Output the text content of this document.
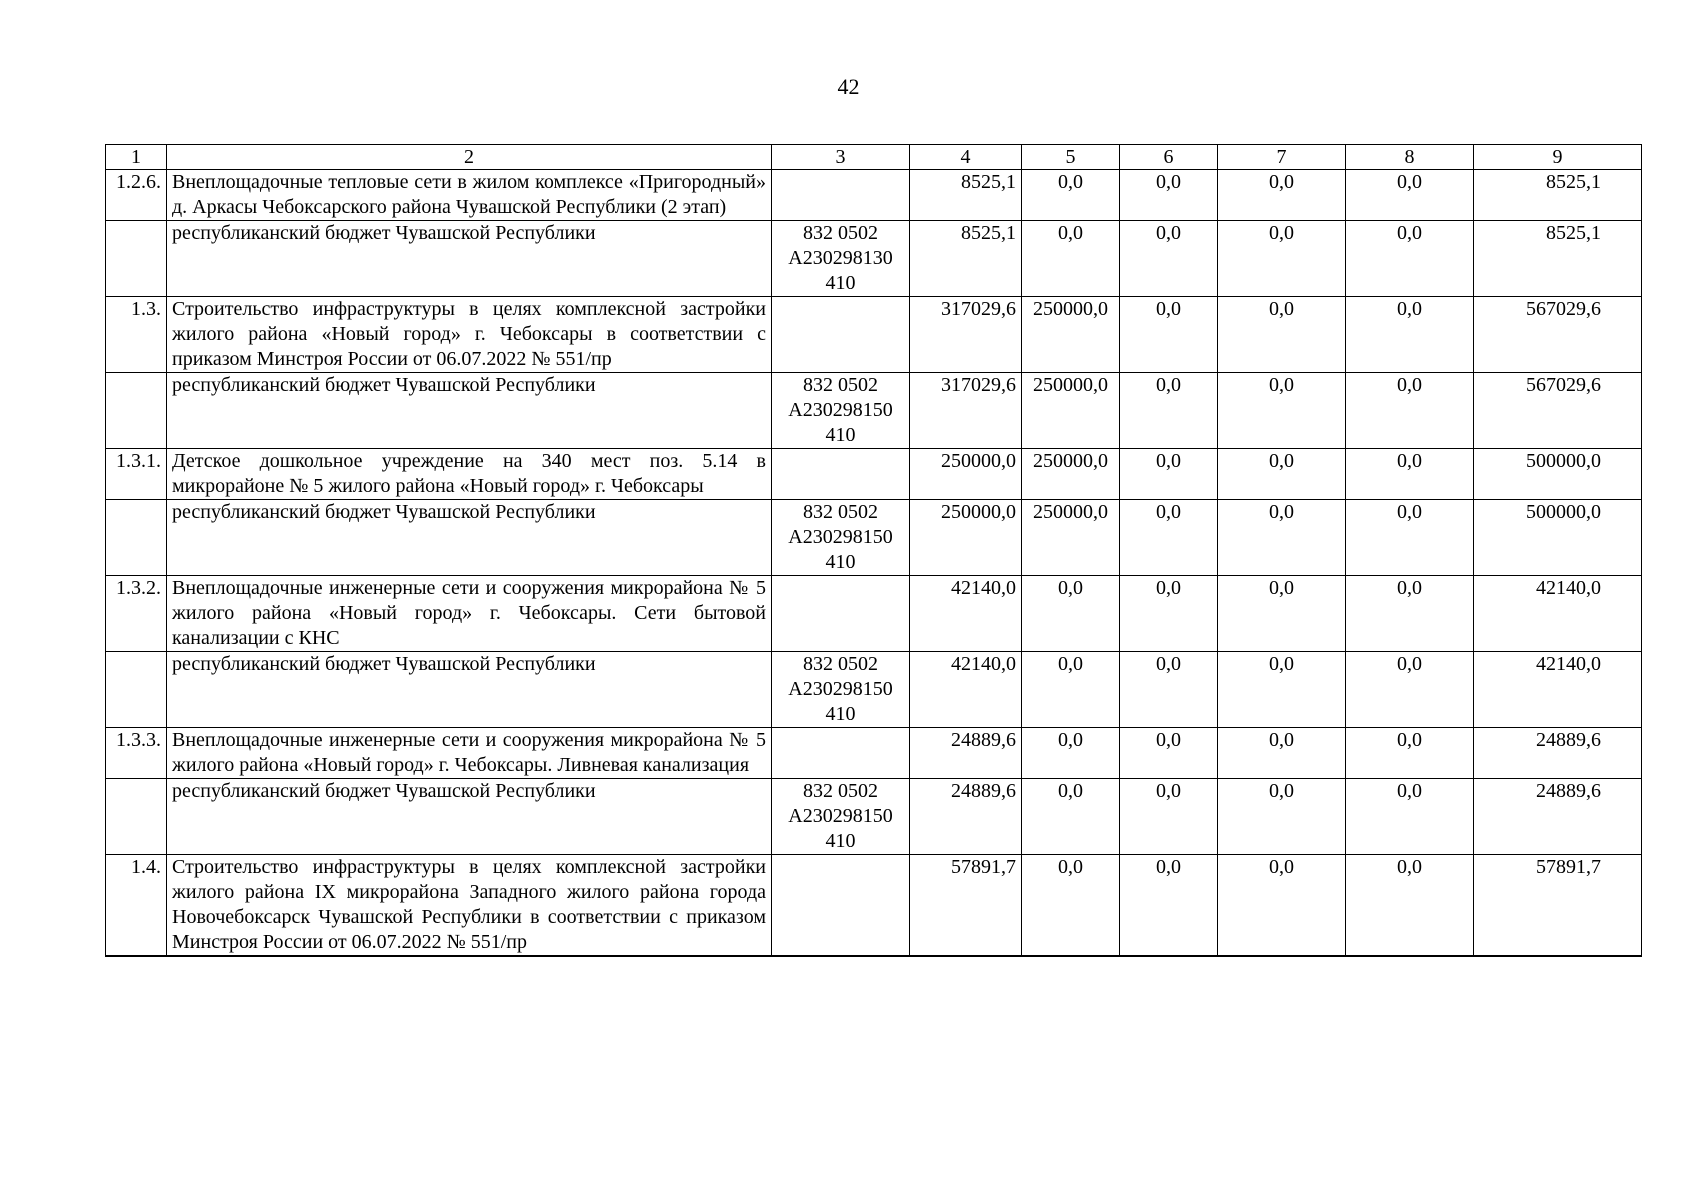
42
1	2	3	4	5	6	7	8	9
1.2.6.	Внеплощадочные тепловые сети в жилом комплексе «Пригородный» д. Аркасы Чебоксарского района Чувашской Республики (2 этап)		8525,1	0,0	0,0	0,0	0,0	8525,1
	республиканский бюджет Чувашской Республики	832 0502 А230298130 410	8525,1	0,0	0,0	0,0	0,0	8525,1
1.3.	Строительство инфраструктуры в целях комплексной застройки жилого района «Новый город» г. Чебоксары в соответствии с приказом Минстроя России от 06.07.2022 № 551/пр		317029,6	250000,0	0,0	0,0	0,0	567029,6
	республиканский бюджет Чувашской Республики	832 0502 А230298150 410	317029,6	250000,0	0,0	0,0	0,0	567029,6
1.3.1.	Детское дошкольное учреждение на 340 мест поз. 5.14 в микрорайоне № 5 жилого района «Новый город» г. Чебоксары		250000,0	250000,0	0,0	0,0	0,0	500000,0
	республиканский бюджет Чувашской Республики	832 0502 А230298150 410	250000,0	250000,0	0,0	0,0	0,0	500000,0
1.3.2.	Внеплощадочные инженерные сети и сооружения микрорайона № 5 жилого района «Новый город» г. Чебоксары. Сети бытовой канализации с КНС		42140,0	0,0	0,0	0,0	0,0	42140,0
	республиканский бюджет Чувашской Республики	832 0502 А230298150 410	42140,0	0,0	0,0	0,0	0,0	42140,0
1.3.3.	Внеплощадочные инженерные сети и сооружения микрорайона № 5 жилого района «Новый город» г. Чебоксары. Ливневая канализация		24889,6	0,0	0,0	0,0	0,0	24889,6
	республиканский бюджет Чувашской Республики	832 0502 А230298150 410	24889,6	0,0	0,0	0,0	0,0	24889,6
1.4.	Строительство инфраструктуры в целях комплексной застройки жилого района IX микрорайона Западного жилого района города Новочебоксарск Чувашской Республики в соответствии с приказом Минстроя России от 06.07.2022 № 551/пр		57891,7	0,0	0,0	0,0	0,0	57891,7
